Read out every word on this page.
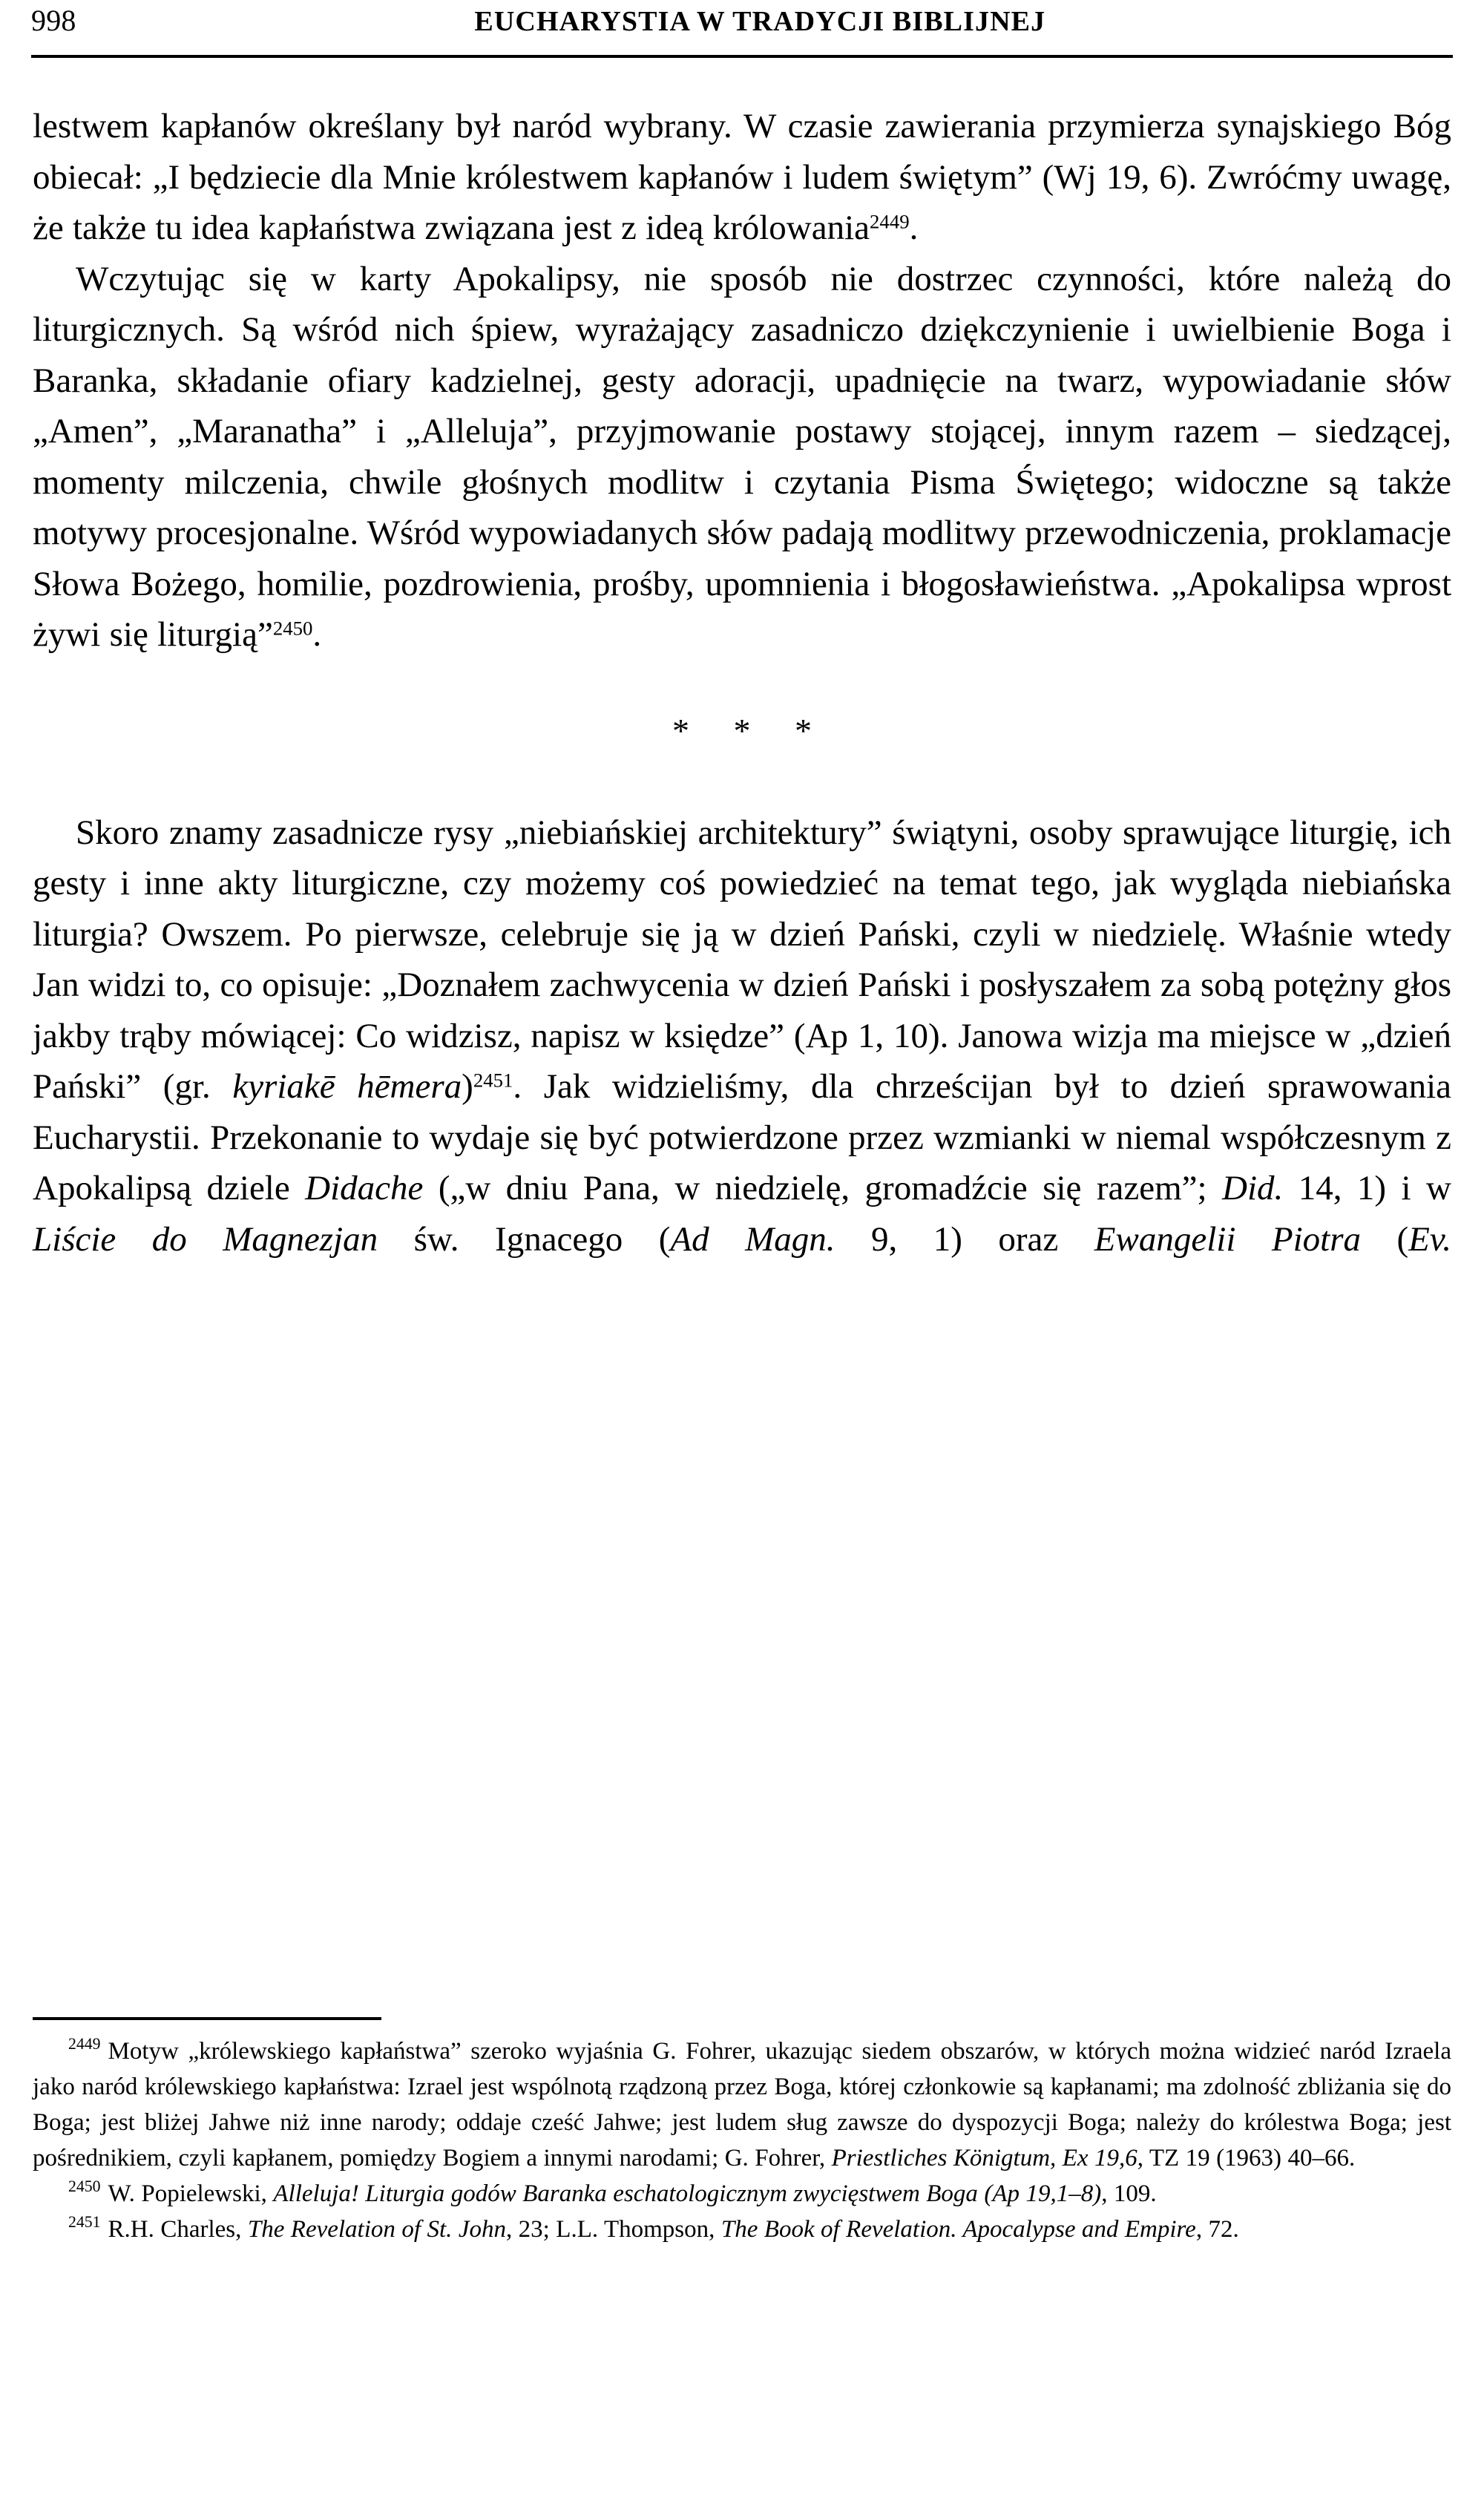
998	EUCHARYSTIA W TRADYCJI BIBLIJNEJ

lestwem kapłanów określany był naród wybrany. W czasie zawierania przymierza synajskiego Bóg obiecał: „I będziecie dla Mnie królestwem kapłanów i ludem świętym” (Wj 19, 6). Zwróćmy uwagę, że także tu idea kapłaństwa związana jest z ideą królowania$^{2449}$.

Wczytując się w karty Apokalipsy, nie sposób nie dostrzec czynności, które należą do liturgicznych. Są wśród nich śpiew, wyrażający zasadniczo dziękczynienie i uwielbienie Boga i Baranka, składanie ofiary kadzielnej, gesty adoracji, upadnięcie na twarz, wypowiadanie słów „Amen”, „Maranatha” i „Alleluja”, przyjmowanie postawy stojącej, innym razem – siedzącej, momenty milczenia, chwile głośnych modlitw i czytania Pisma Świętego; widoczne są także motywy procesjonalne. Wśród wypowiadanych słów padają modlitwy przewodniczenia, proklamacje Słowa Bożego, homilie, pozdrowienia, prośby, upomnienia i błogosławieństwa. „Apokalipsa wprost żywi się liturgią”$^{2450}$.

* * *

Skoro znamy zasadnicze rysy „niebiańskiej architektury” świątyni, osoby sprawujące liturgię, ich gesty i inne akty liturgiczne, czy możemy coś powiedzieć na temat tego, jak wygląda niebiańska liturgia? Owszem. Po pierwsze, celebruje się ją w dzień Pański, czyli w niedzielę. Właśnie wtedy Jan widzi to, co opisuje: „Doznałem zachwycenia w dzień Pański i posłyszałem za sobą potężny głos jakby trąby mówiącej: Co widzisz, napisz w księdze” (Ap 1, 10). Janowa wizja ma miejsce w „dzień Pański” (gr. kyriakē hēmera)$^{2451}$. Jak widzieliśmy, dla chrześcijan był to dzień sprawowania Eucharystii. Przekonanie to wydaje się być potwierdzone przez wzmianki w niemal współczesnym z Apokalipsą dziele Didache („w dniu Pana, w niedzielę, gromadźcie się razem”; Did. 14, 1) i w Liście do Magnezjan św. Ignacego (Ad Magn. 9, 1) oraz Ewangelii Piotra (Ev.

$^{2449}$ Motyw „królewskiego kapłaństwa” szeroko wyjaśnia G. Fohrer, ukazując siedem obszarów, w których można widzieć naród Izraela jako naród królewskiego kapłaństwa: Izrael jest wspólnotą rządzoną przez Boga, której członkowie są kapłanami; ma zdolność zbliżania się do Boga; jest bliżej Jahwe niż inne narody; oddaje cześć Jahwe; jest ludem sług zawsze do dyspozycji Boga; należy do królestwa Boga; jest pośrednikiem, czyli kapłanem, pomiędzy Bogiem a innymi narodami; G. Fohrer, Priestliches Königtum, Ex 19,6, TZ 19 (1963) 40–66.

$^{2450}$ W. Popielewski, Alleluja! Liturgia godów Baranka eschatologicznym zwycięstwem Boga (Ap 19,1–8), 109.

$^{2451}$ R.H. Charles, The Revelation of St. John, 23; L.L. Thompson, The Book of Revelation. Apocalypse and Empire, 72.
